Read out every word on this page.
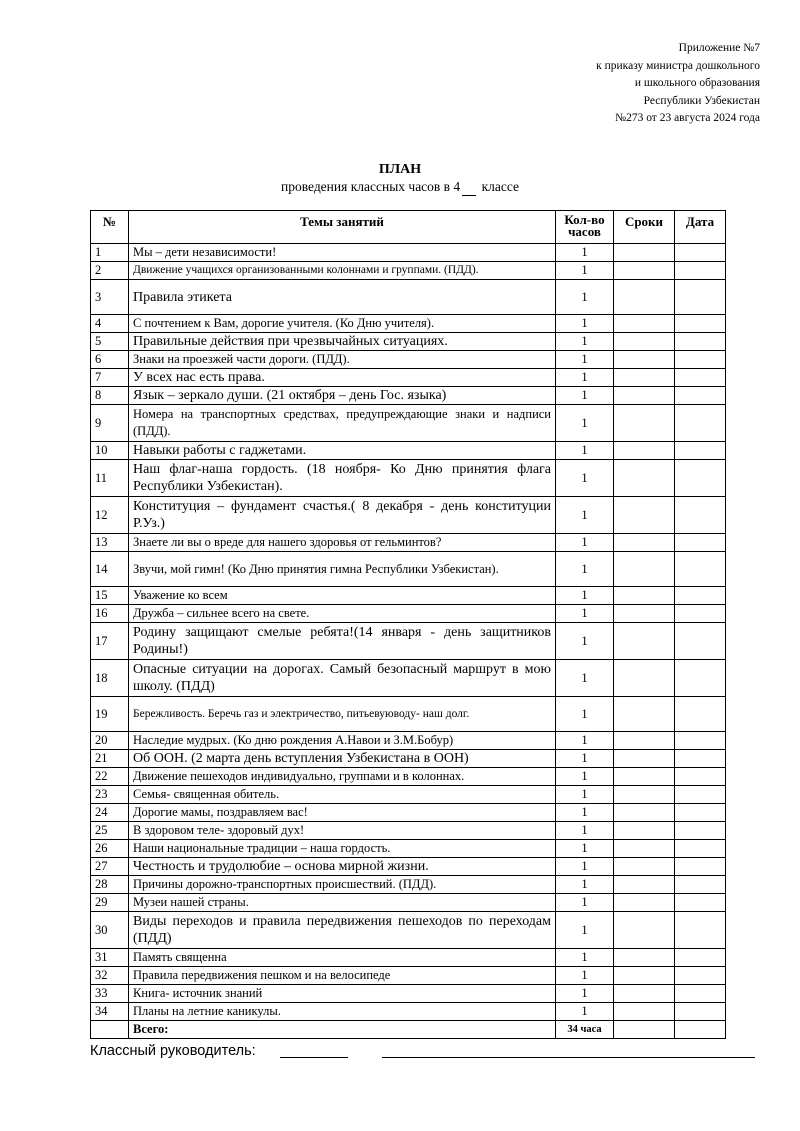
Приложение №7
к приказу министра дошкольного
и школьного образования
Республики Узбекистан
№273 от 23 августа 2024 года
ПЛАН
проведения классных часов в 4 классе
№	Темы занятий	Кол-во часов	Сроки	Дата
1	Мы – дети независимости!	1		
2	Движение учащихся организованными колоннами и группами. (ПДД).	1		
3	Правила этикета	1		
4	С почтением к Вам, дорогие учителя. (Ко Дню учителя).	1		
5	Правильные действия при чрезвычайных ситуациях.	1		
6	Знаки на проезжей части дороги. (ПДД).	1		
7	У всех нас есть права.	1		
8	Язык – зеркало души. (21 октября – день Гос. языка)	1		
9	Номера на транспортных средствах, предупреждающие знаки и надписи (ПДД).	1		
10	Навыки работы с гаджетами.	1		
11	Наш флаг-наша гордость. (18 ноября- Ко Дню принятия флага Республики Узбекистан).	1		
12	Конституция – фундамент счастья.( 8 декабря - день конституции Р.Уз.)	1		
13	Знаете ли вы о вреде для нашего здоровья от гельминтов?	1		
14	Звучи, мой гимн! (Ко Дню принятия гимна Республики Узбекистан).	1		
15	Уважение ко всем	1		
16	Дружба – сильнее всего на свете.	1		
17	Родину защищают смелые ребята!(14 января - день защитников Родины!)	1		
18	Опасные ситуации на дорогах. Самый безопасный маршрут в мою школу. (ПДД)	1		
19	Бережливость. Беречь газ и электричество, питьевуюводу- наш долг.	1		
20	Наследие мудрых. (Ко дню рождения А.Навои и З.М.Бобур)	1		
21	Об ООН. (2 марта день вступления Узбекистана в ООН)	1		
22	Движение пешеходов индивидуально, группами и в колоннах.	1		
23	Семья- священная обитель.	1		
24	Дорогие мамы, поздравляем вас!	1		
25	В здоровом теле- здоровый дух!	1		
26	Наши национальные традиции – наша гордость.	1		
27	Честность и трудолюбие – основа мирной жизни.	1		
28	Причины дорожно-транспортных происшествий. (ПДД).	1		
29	Музеи нашей страны.	1		
30	Виды переходов и правила передвижения пешеходов по переходам (ПДД)	1		
31	Память священна	1		
32	Правила передвижения пешком и на велосипеде	1		
33	Книга- источник знаний	1		
34	Планы на летние каникулы.	1		
	Всего:	34 часа		
Классный руководитель:
